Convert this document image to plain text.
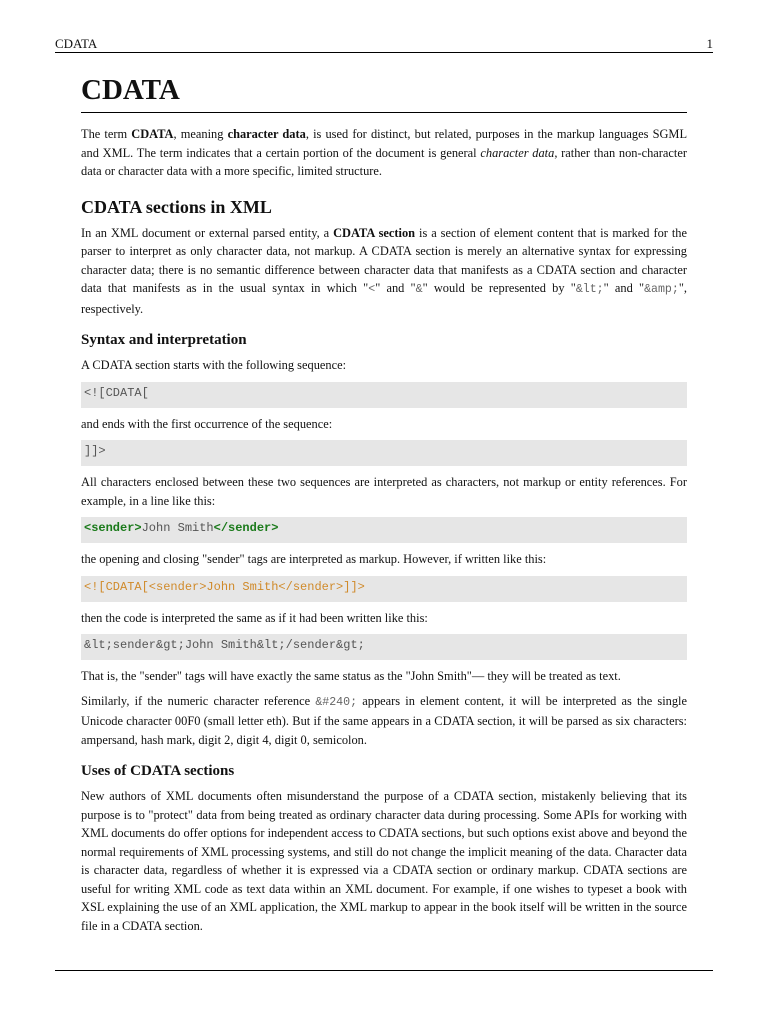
CDATA	1
CDATA

The term CDATA, meaning character data, is used for distinct, but related, purposes in the markup languages SGML and XML. The term indicates that a certain portion of the document is general character data, rather than non-character data or character data with a more specific, limited structure.

CDATA sections in XML

In an XML document or external parsed entity, a CDATA section is a section of element content that is marked for the parser to interpret as only character data, not markup. A CDATA section is merely an alternative syntax for expressing character data; there is no semantic difference between character data that manifests as a CDATA section and character data that manifests as in the usual syntax in which "<" and "&" would be represented by "&lt;" and "&amp;", respectively.

Syntax and interpretation

A CDATA section starts with the following sequence:

<![CDATA[

and ends with the first occurrence of the sequence:

]]>

All characters enclosed between these two sequences are interpreted as characters, not markup or entity references. For example, in a line like this:

<sender>John Smith</sender>

the opening and closing "sender" tags are interpreted as markup. However, if written like this:

<![CDATA[<sender>John Smith</sender>]]>

then the code is interpreted the same as if it had been written like this:

&lt;sender&gt;John Smith&lt;/sender&gt;

That is, the "sender" tags will have exactly the same status as the "John Smith"— they will be treated as text.

Similarly, if the numeric character reference &#240; appears in element content, it will be interpreted as the single Unicode character 00F0 (small letter eth). But if the same appears in a CDATA section, it will be parsed as six characters: ampersand, hash mark, digit 2, digit 4, digit 0, semicolon.

Uses of CDATA sections

New authors of XML documents often misunderstand the purpose of a CDATA section, mistakenly believing that its purpose is to "protect" data from being treated as ordinary character data during processing. Some APIs for working with XML documents do offer options for independent access to CDATA sections, but such options exist above and beyond the normal requirements of XML processing systems, and still do not change the implicit meaning of the data. Character data is character data, regardless of whether it is expressed via a CDATA section or ordinary markup. CDATA sections are useful for writing XML code as text data within an XML document. For example, if one wishes to typeset a book with XSL explaining the use of an XML application, the XML markup to appear in the book itself will be written in the source file in a CDATA section.
